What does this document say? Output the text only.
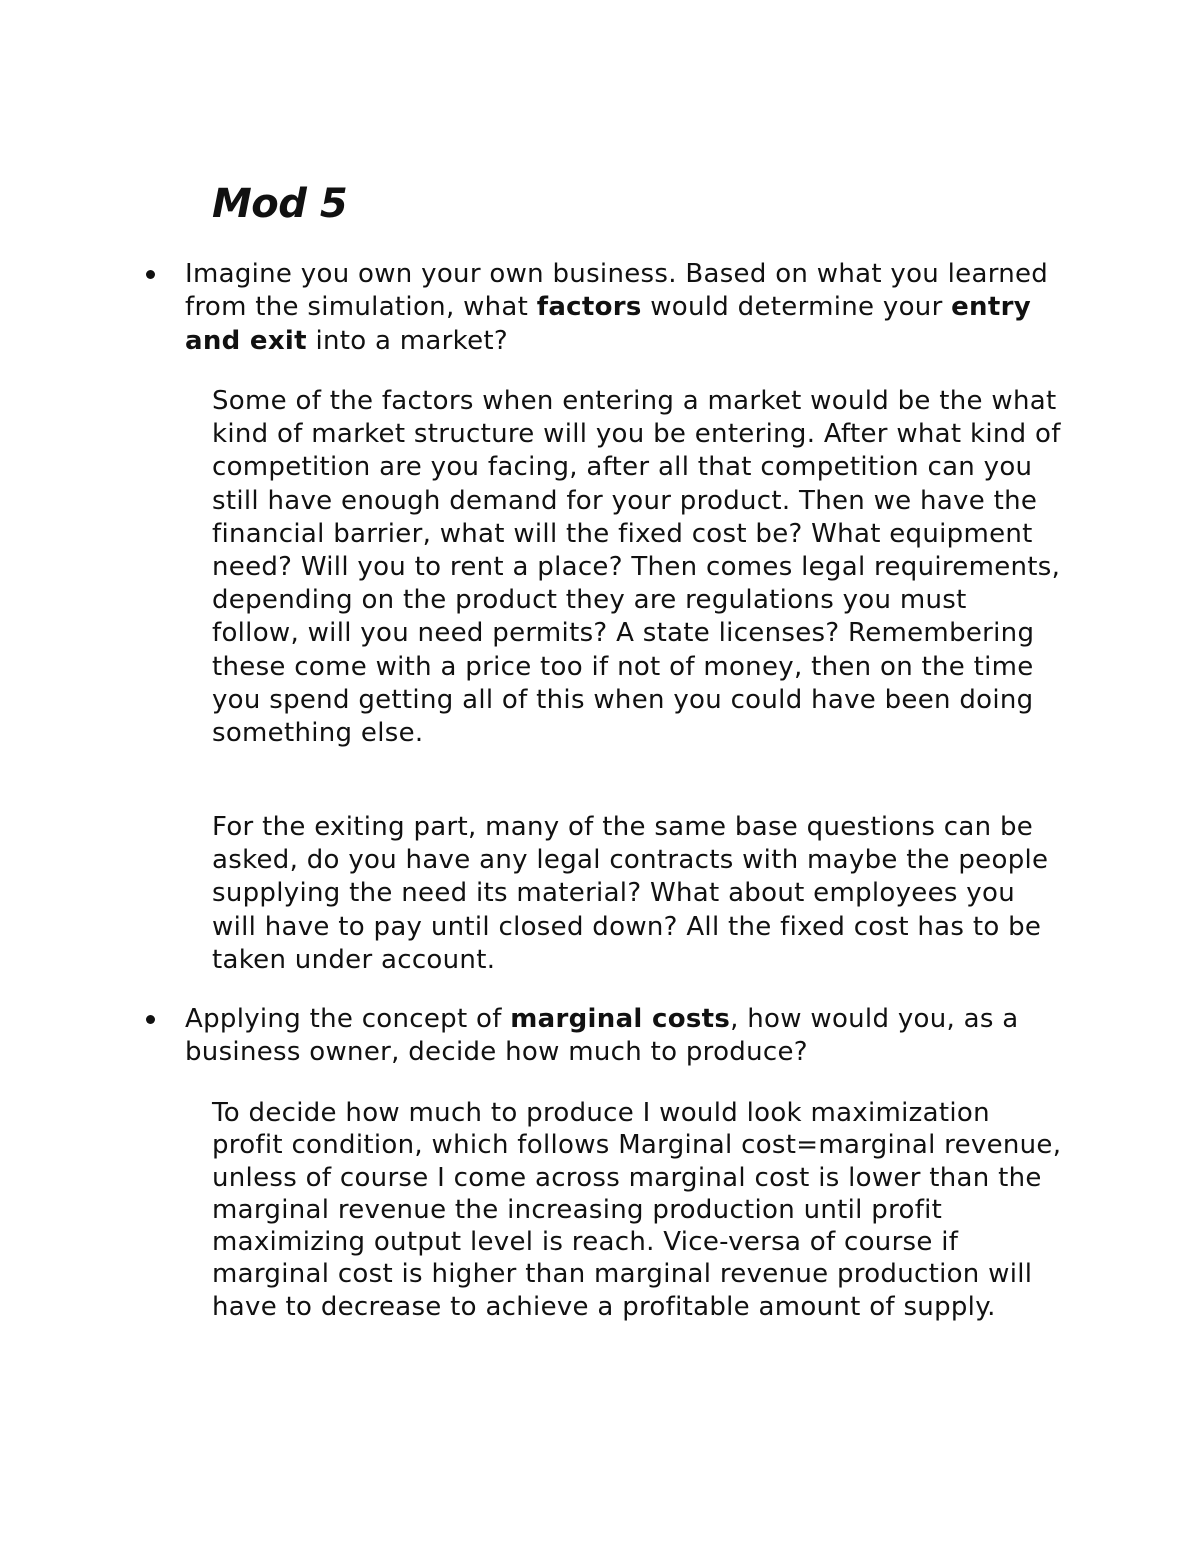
Mod 5

Imagine you own your own business. Based on what you learned from the simulation, what factors would determine your entry and exit into a market?

Some of the factors when entering a market would be the what kind of market structure will you be entering. After what kind of competition are you facing, after all that competition can you still have enough demand for your product. Then we have the financial barrier, what will the fixed cost be? What equipment need? Will you to rent a place? Then comes legal requirements, depending on the product they are regulations you must follow, will you need permits? A state licenses? Remembering these come with a price too if not of money, then on the time you spend getting all of this when you could have been doing something else.

For the exiting part, many of the same base questions can be asked, do you have any legal contracts with maybe the people supplying the need its material? What about employees you will have to pay until closed down? All the fixed cost has to be taken under account.

Applying the concept of marginal costs, how would you, as a business owner, decide how much to produce?

To decide how much to produce I would look maximization profit condition, which follows Marginal cost=marginal revenue, unless of course I come across marginal cost is lower than the marginal revenue the increasing production until profit maximizing output level is reach. Vice-versa of course if marginal cost is higher than marginal revenue production will have to decrease to achieve a profitable amount of supply.
